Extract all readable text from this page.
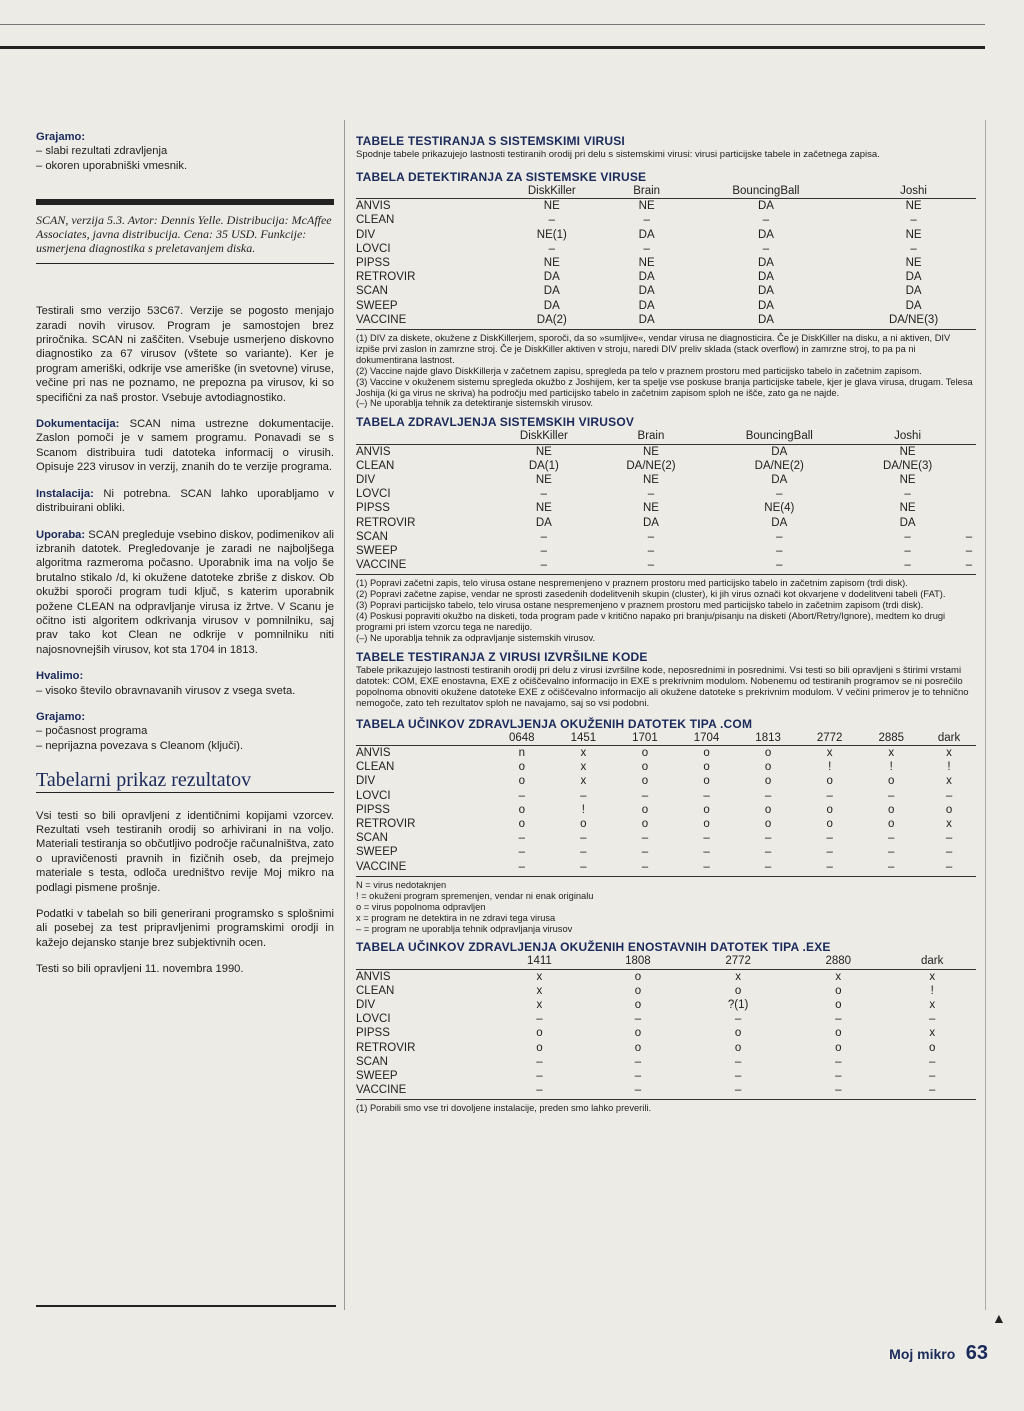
Grajamo:
– slabi rezultati zdravljenja
– okoren uporabniški vmesnik.
SCAN, verzija 5.3. Avtor: Dennis Yelle. Distribucija: McAffee Associates, javna distribucija. Cena: 35 USD. Funkcije: usmerjena diagnostika s preletavanjem diska.

Testirali smo verzijo 53C67. Verzije se pogosto menjajo zaradi novih virusov. Program je samostojen brez priročnika. SCAN ni zaščiten. Vsebuje usmerjeno diskovno diagnostiko za 67 virusov (vštete so variante). Ker je program ameriški, odkrije vse ameriške (in svetovne) viruse, večine pri nas ne poznamo, ne prepozna pa virusov, ki so specifični za naš prostor. Vsebuje avtodiagnostiko.

Dokumentacija: SCAN nima ustrezne dokumentacije. Zaslon pomoči je v samem programu. Ponavadi se s Scanom distribuira tudi datoteka informacij o virusih. Opisuje 223 virusov in verzij, znanih do te verzije programa.

Instalacija: Ni potrebna. SCAN lahko uporabljamo v distribuirani obliki.

Uporaba: SCAN pregleduje vsebino diskov, podimenikov ali izbranih datotek. Pregledovanje je zaradi ne najboljšega algoritma razmeroma počasno. Uporabnik ima na voljo še brutalno stikalo /d, ki okužene datoteke zbriše z diskov. Ob okužbi sporoči program tudi ključ, s katerim uporabnik požene CLEAN na odpravljanje virusa iz žrtve. V Scanu je očitno isti algoritem odkrivanja virusov v pomnilniku, saj prav tako kot Clean ne odkrije v pomnilniku niti najosnovnejših virusov, kot sta 1704 in 1813.

Hvalimo:
– visoko število obravnavanih virusov z vsega sveta.
Grajamo:
– počasnost programa
– neprijazna povezava s Cleanom (ključi).
Tabelarni prikaz rezultatov

Vsi testi so bili opravljeni z identičnimi kopijami vzorcev. Rezultati vseh testiranih orodij so arhivirani in na voljo. Materiali testiranja so občutljivo področje računalništva, zato o upravičenosti pravnih in fizičnih oseb, da prejmejo materiale s testa, odloča uredništvo revije Moj mikro na podlagi pismene prošnje.

Podatki v tabelah so bili generirani programsko s splošnimi ali posebej za test pripravljenimi programskimi orodji in kažejo dejansko stanje brez subjektivnih ocen.

Testi so bili opravljeni 11. novembra 1990.

TABELE TESTIRANJA S SISTEMSKIMI VIRUSI

Spodnje tabele prikazujejo lastnosti testiranih orodij pri delu s sistemskimi virusi: virusi particijske tabele in začetnega zapisa.

TABELA DETEKTIRANJA ZA SISTEMSKE VIRUSE

	DiskKiller	Brain	BouncingBall	Joshi
ANVIS	NE	NE	DA	NE
CLEAN	–	–	–	–
DIV	NE(1)	DA	DA	NE
LOVCI	–	–	–	–
PIPSS	NE	NE	DA	NE
RETROVIR	DA	DA	DA	DA
SCAN	DA	DA	DA	DA
SWEEP	DA	DA	DA	DA
VACCINE	DA(2)	DA	DA	DA/NE(3)
(1) DIV za diskete, okužene z DiskKillerjem, sporoči, da so »sumljive«, vendar virusa ne diagnosticira. Če je DiskKiller na disku, a ni aktiven, DIV izpiše prvi zaslon in zamrzne stroj. Če je DiskKiller aktiven v stroju, naredi DIV preliv sklada (stack overflow) in zamrzne stroj, to pa pa ni dokumentirana lastnost.
(2) Vaccine najde glavo DiskKillerja v začetnem zapisu, spregleda pa telo v praznem prostoru med particijsko tabelo in začetnim zapisom.
(3) Vaccine v okuženem sistemu spregleda okužbo z Joshijem, ker ta spelje vse poskuse branja particijske tabele, kjer je glava virusa, drugam. Telesa Joshija (ki ga virus ne skriva) ha področju med particijsko tabelo in začetnim zapisom sploh ne išče, zato ga ne najde.
(–) Ne uporablja tehnik za detektiranje sistemskih virusov.

TABELA ZDRAVLJENJA SISTEMSKIH VIRUSOV

	DiskKiller	Brain	BouncingBall	Joshi	
ANVIS	NE	NE	DA	NE	
CLEAN	DA(1)	DA/NE(2)	DA/NE(2)	DA/NE(3)	
DIV	NE	NE	DA	NE	
LOVCI	–	–	–	–	
PIPSS	NE	NE	NE(4)	NE	
RETROVIR	DA	DA	DA	DA	
SCAN	–	–	–	–	–
SWEEP	–	–	–	–	–
VACCINE	–	–	–	–	–
(1) Popravi začetni zapis, telo virusa ostane nespremenjeno v praznem prostoru med particijsko tabelo in začetnim zapisom (trdi disk).
(2) Popravi začetne zapise, vendar ne sprosti zasedenih dodelitvenih skupin (cluster), ki jih virus označi kot okvarjene v dodelitveni tabeli (FAT).
(3) Popravi particijsko tabelo, telo virusa ostane nespremenjeno v praznem prostoru med particijsko tabelo in začetnim zapisom (trdi disk).
(4) Poskusi popraviti okužbo na disketi, toda program pade v kritično napako pri branju/pisanju na disketi (Abort/Retry/Ignore), medtem ko drugi programi pri istem vzorcu tega ne naredijo.
(–) Ne uporablja tehnik za odpravljanje sistemskih virusov.

TABELE TESTIRANJA Z VIRUSI IZVRŠILNE KODE

Tabele prikazujejo lastnosti testiranih orodij pri delu z virusi izvršilne kode, neposrednimi in posrednimi. Vsi testi so bili opravljeni s štirimi vrstami datotek: COM, EXE enostavna, EXE z očiščevalno informacijo in EXE s prekrivnim modulom. Nobenemu od testiranih programov se ni posrečilo popolnoma obnoviti okužene datoteke EXE z očiščevalno informacijo ali okužene datoteke s prekrivnim modulom. V večini primerov je to tehnično nemogoče, zato teh rezultatov sploh ne navajamo, saj so vsi podobni.

TABELA UČINKOV ZDRAVLJENJA OKUŽENIH DATOTEK TIPA .COM

	0648	1451	1701	1704	1813	2772	2885	dark
ANVIS	n	x	o	o	o	x	x	x
CLEAN	o	x	o	o	o	!	!	!
DIV	o	x	o	o	o	o	o	x
LOVCI	–	–	–	–	–	–	–	–
PIPSS	o	!	o	o	o	o	o	o
RETROVIR	o	o	o	o	o	o	o	x
SCAN	–	–	–	–	–	–	–	–
SWEEP	–	–	–	–	–	–	–	–
VACCINE	–	–	–	–	–	–	–	–
N = virus nedotaknjen
! = okuženi program spremenjen, vendar ni enak originalu
o = virus popolnoma odpravljen
x = program ne detektira in ne zdravi tega virusa
– = program ne uporablja tehnik odpravljanja virusov

TABELA UČINKOV ZDRAVLJENJA OKUŽENIH ENOSTAVNIH DATOTEK TIPA .EXE

	1411	1808	2772	2880	dark
ANVIS	x	o	x	x	x
CLEAN	x	o	o	o	!
DIV	x	o	?(1)	o	x
LOVCI	–	–	–	–	–
PIPSS	o	o	o	o	x
RETROVIR	o	o	o	o	o
SCAN	–	–	–	–	–
SWEEP	–	–	–	–	–
VACCINE	–	–	–	–	–
(1) Porabili smo vse tri dovoljene instalacije, preden smo lahko preverili.
▲
Moj mikro 63
